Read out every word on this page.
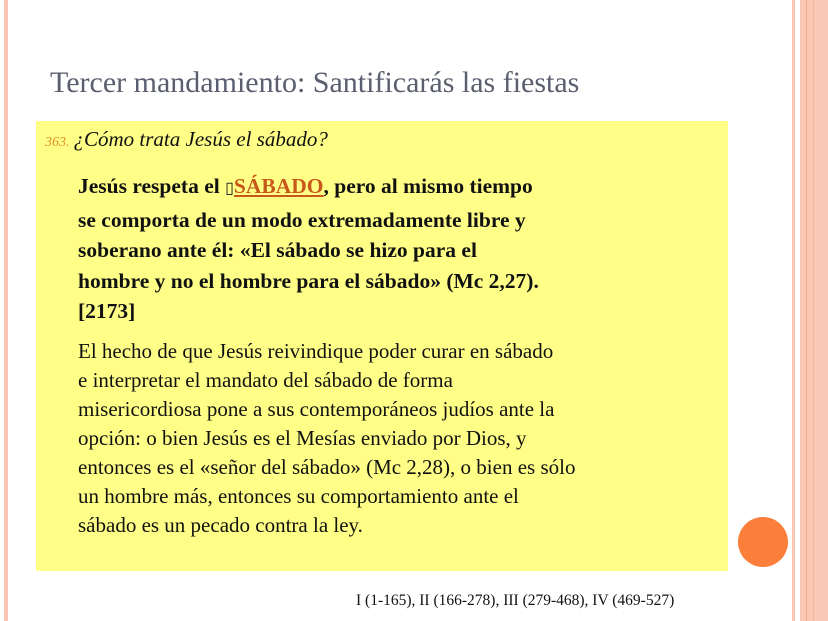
Tercer mandamiento: Santificarás las fiestas
363. ¿Cómo trata Jesús el sábado?
Jesús respeta el ▯SÁBADO, pero al mismo tiempo
se comporta de un modo extremadamente libre y
soberano ante él: «El sábado se hizo para el
hombre y no el hombre para el sábado» (Mc 2,27).
[2173]
El hecho de que Jesús reivindique poder curar en sábado
e interpretar el mandato del sábado de forma
misericordiosa pone a sus contemporáneos judíos ante la
opción: o bien Jesús es el Mesías enviado por Dios, y
entonces es el «señor del sábado» (Mc 2,28), o bien es sólo
un hombre más, entonces su comportamiento ante el
sábado es un pecado contra la ley.
I (1-165), II (166-278), III (279-468), IV (469-527)
